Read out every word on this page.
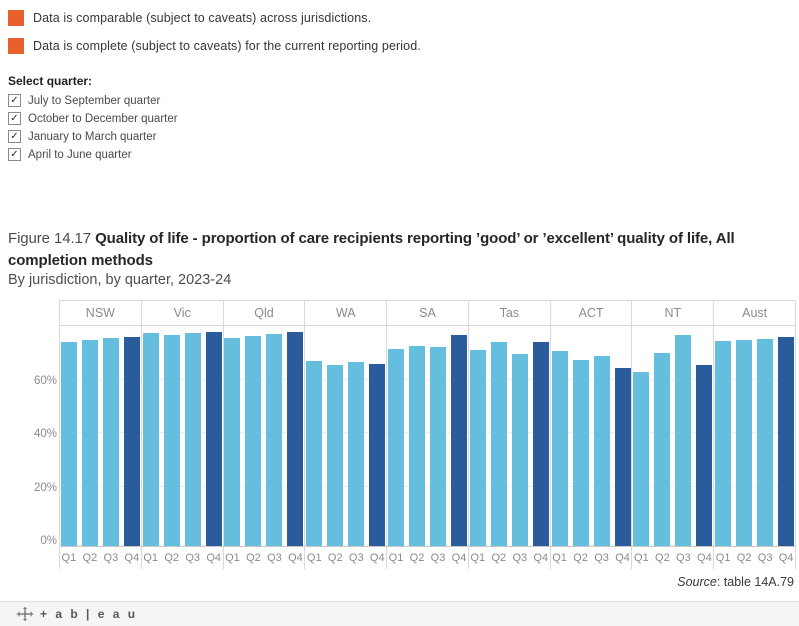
Data is comparable (subject to caveats) across jurisdictions.
Data is complete (subject to caveats) for the current reporting period.
Select quarter:
✓ July to September quarter
✓ October to December quarter
✓ January to March quarter
✓ April to June quarter
Figure 14.17 Quality of life - proportion of care recipients reporting ’good’ or ’excellent’ quality of life, All completion methods
By jurisdiction, by quarter, 2023-24
0%
20%
40%
60%
NSW
Q1 Q2 Q3 Q4
Vic
Q1 Q2 Q3 Q4
Qld
Q1 Q2 Q3 Q4
WA
Q1 Q2 Q3 Q4
SA
Q1 Q2 Q3 Q4
Tas
Q1 Q2 Q3 Q4
ACT
Q1 Q2 Q3 Q4
NT
Q1 Q2 Q3 Q4
Aust
Q1 Q2 Q3 Q4
Source: table 14A.79
+ a b | e a u
